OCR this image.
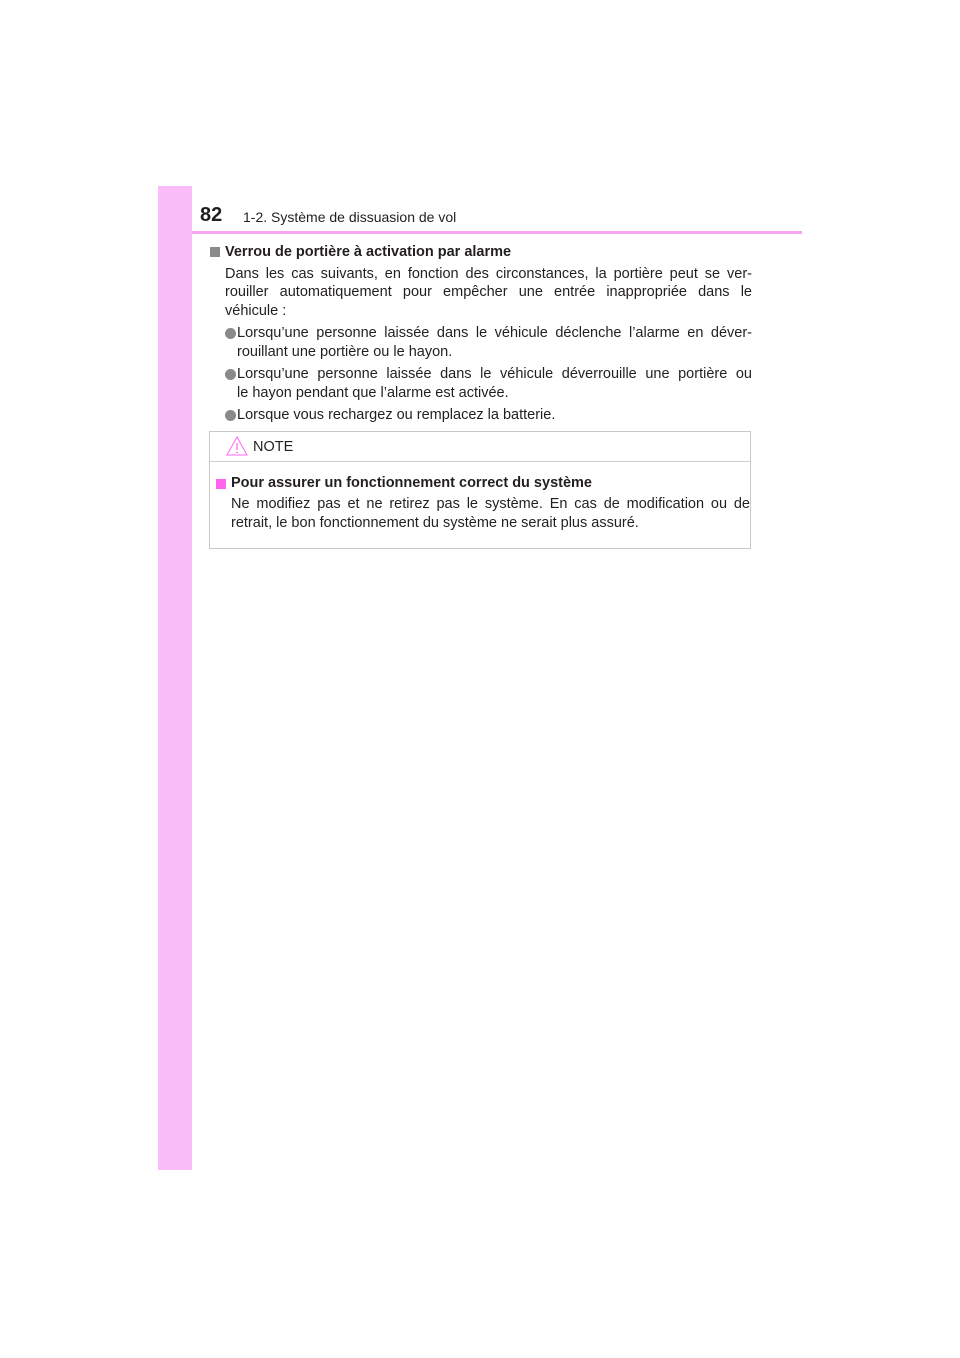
82 1-2. Système de dissuasion de vol
Verrou de portière à activation par alarme
Dans les cas suivants, en fonction des circonstances, la portière peut se ver-
rouiller automatiquement pour empêcher une entrée inappropriée dans le
véhicule :
Lorsqu’une personne laissée dans le véhicule déclenche l’alarme en déver-
rouillant une portière ou le hayon.
Lorsqu’une personne laissée dans le véhicule déverrouille une portière ou
le hayon pendant que l’alarme est activée.
Lorsque vous rechargez ou remplacez la batterie.
NOTE
Pour assurer un fonctionnement correct du système
Ne modifiez pas et ne retirez pas le système. En cas de modification ou de
retrait, le bon fonctionnement du système ne serait plus assuré.
